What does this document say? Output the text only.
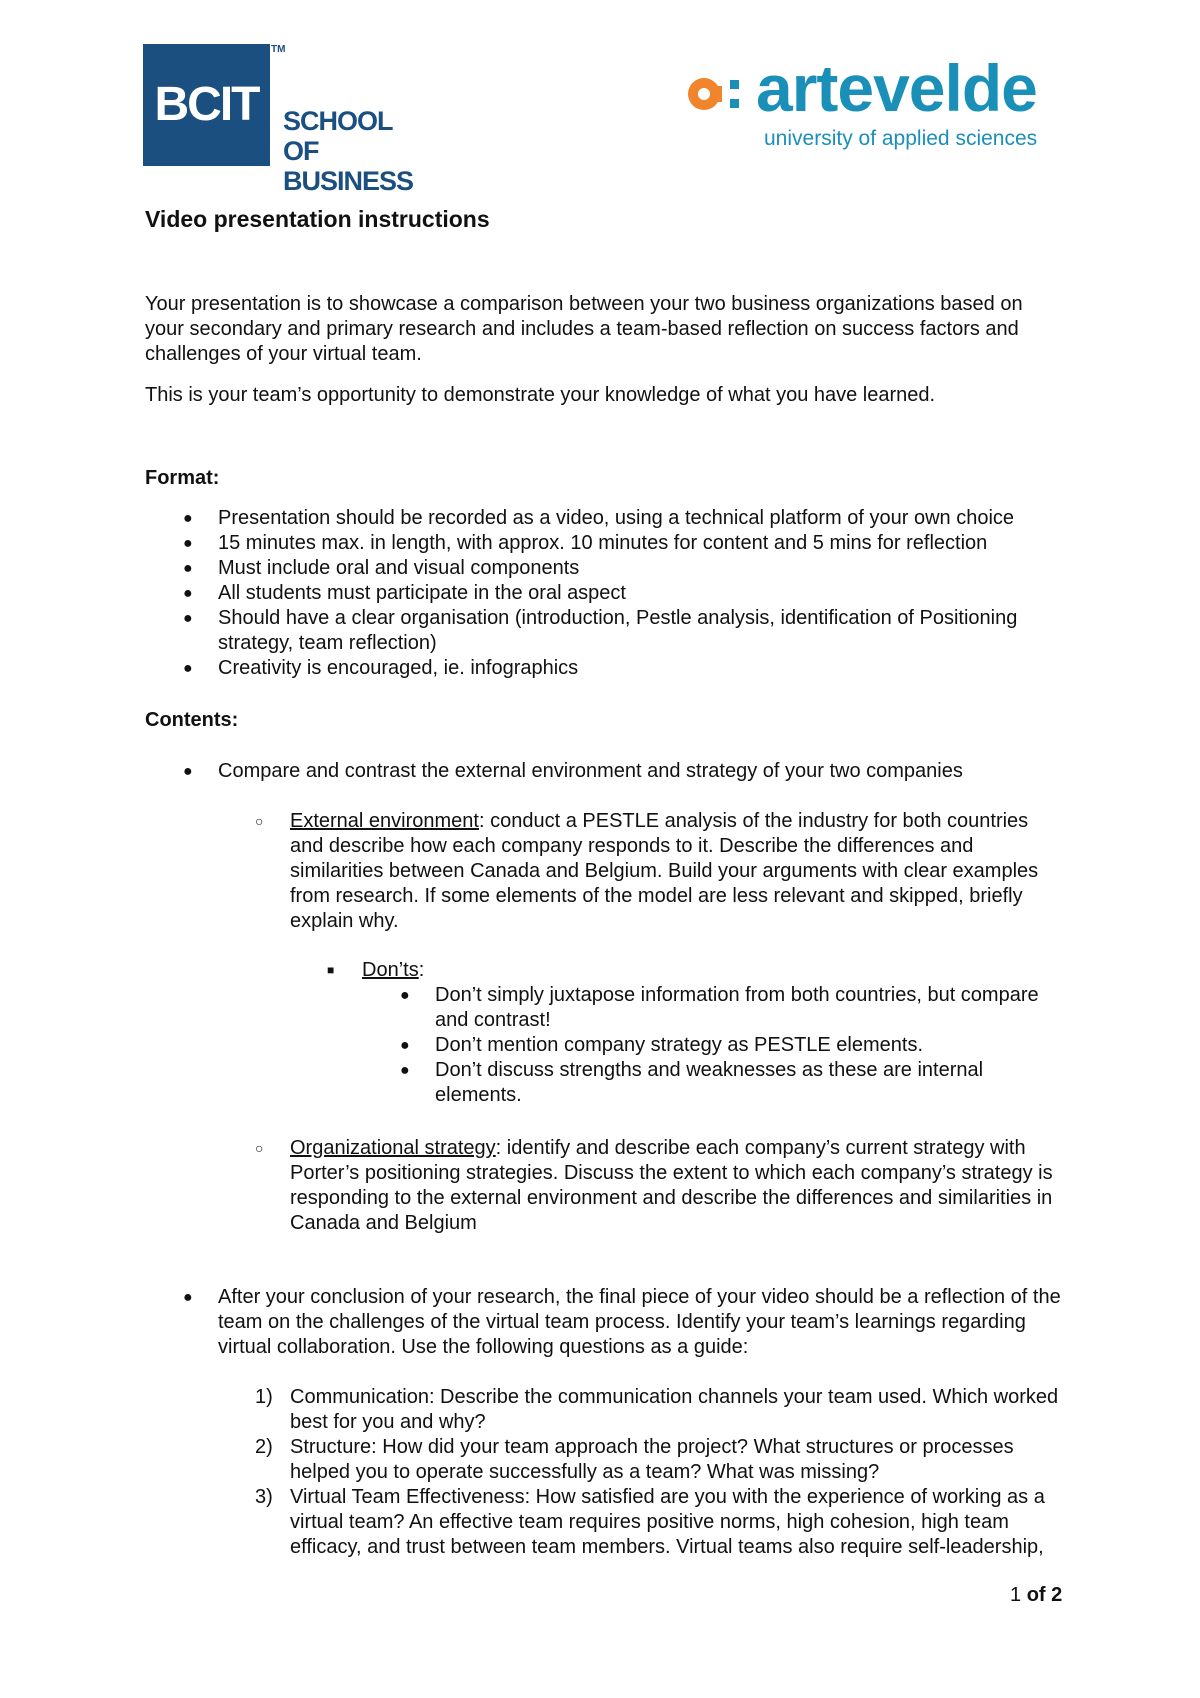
BCIT
TM
SCHOOL OF
BUSINESS
artevelde
university of applied sciences
Video presentation instructions
Your presentation is to showcase a comparison between your two business organizations based on your secondary and primary research and includes a team-based reflection on success factors and challenges of your virtual team.
This is your team’s opportunity to demonstrate your knowledge of what you have learned.
Format:
● Presentation should be recorded as a video, using a technical platform of your own choice
● 15 minutes max. in length, with approx. 10 minutes for content and 5 mins for reflection
● Must include oral and visual components
● All students must participate in the oral aspect
● Should have a clear organisation (introduction, Pestle analysis, identification of Positioning strategy, team reflection)
● Creativity is encouraged, ie. infographics
Contents:
● Compare and contrast the external environment and strategy of your two companies
○ External environment: conduct a PESTLE analysis of the industry for both countries and describe how each company responds to it. Describe the differences and similarities between Canada and Belgium. Build your arguments with clear examples from research. If some elements of the model are less relevant and skipped, briefly explain why.
■ Don’ts:
● Don’t simply juxtapose information from both countries, but compare and contrast!
● Don’t mention company strategy as PESTLE elements.
● Don’t discuss strengths and weaknesses as these are internal elements.
○ Organizational strategy: identify and describe each company’s current strategy with Porter’s positioning strategies. Discuss the extent to which each company’s strategy is responding to the external environment and describe the differences and similarities in Canada and Belgium
● After your conclusion of your research, the final piece of your video should be a reflection of the team on the challenges of the virtual team process. Identify your team’s learnings regarding virtual collaboration. Use the following questions as a guide:
1) Communication: Describe the communication channels your team used. Which worked best for you and why?
2) Structure: How did your team approach the project? What structures or processes helped you to operate successfully as a team? What was missing?
3) Virtual Team Effectiveness: How satisfied are you with the experience of working as a virtual team? An effective team requires positive norms, high cohesion, high team efficacy, and trust between team members. Virtual teams also require self-leadership,
1 of 2
